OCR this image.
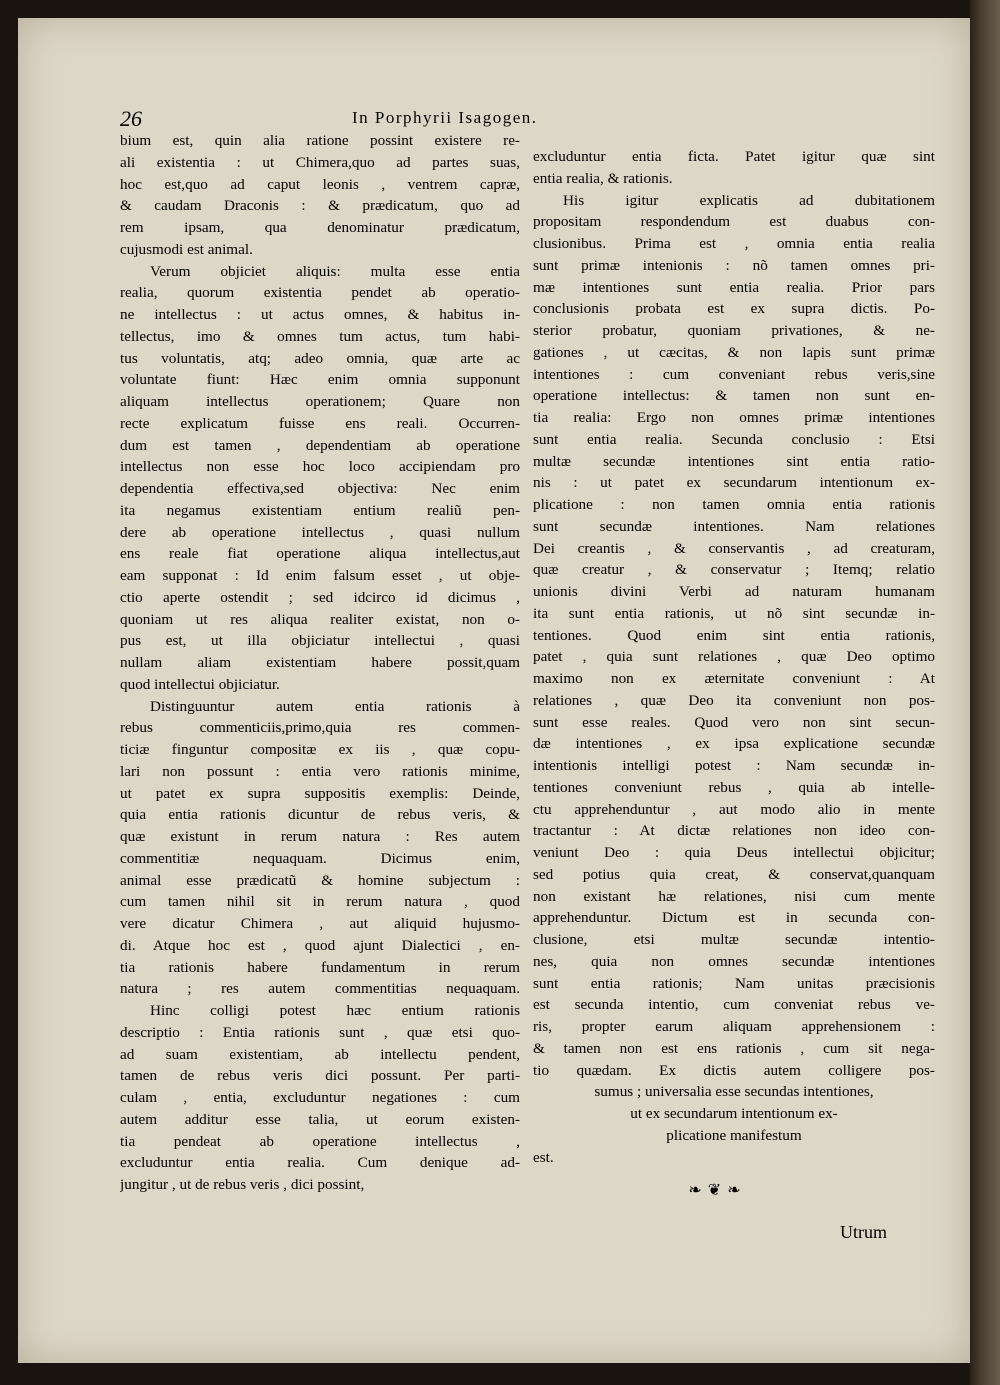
26	In Porphyrii Isagogen.
bium est, quin alia ratione possint existere re-
ali existentia : ut Chimera,quo ad partes suas,
hoc est,quo ad caput leonis , ventrem capræ,
& caudam Draconis : & prædicatum, quo ad
rem ipsam, qua denominatur prædicatum,
cujusmodi est animal.
Verum objiciet aliquis: multa esse entia
realia, quorum existentia pendet ab operatio-
ne intellectus : ut actus omnes, & habitus in-
tellectus, imo & omnes tum actus, tum habi-
tus voluntatis, atq; adeo omnia, quæ arte ac
voluntate fiunt: Hæc enim omnia supponunt
aliquam intellectus operationem; Quare non
recte explicatum fuisse ens reali. Occurren-
dum est tamen , dependentiam ab operatione
intellectus non esse hoc loco accipiendam pro
dependentia effectiva,sed objectiva: Nec enim
ita negamus existentiam entium realiũ pen-
dere ab operatione intellectus , quasi nullum
ens reale fiat operatione aliqua intellectus,aut
eam supponat : Id enim falsum esset , ut obje-
ctio aperte ostendit ; sed idcirco id dicimus ,
quoniam ut res aliqua realiter existat, non o-
pus est, ut illa objiciatur intellectui , quasi
nullam aliam existentiam habere possit,quam
quod intellectui objiciatur.
Distinguuntur autem entia rationis à
rebus commenticiis,primo,quia res commen-
ticiæ finguntur compositæ ex iis , quæ copu-
lari non possunt : entia vero rationis minime,
ut patet ex supra suppositis exemplis: Deinde,
quia entia rationis dicuntur de rebus veris, &
quæ existunt in rerum natura : Res autem
commentitiæ nequaquam. Dicimus enim,
animal esse prædicatũ & homine subjectum :
cum tamen nihil sit in rerum natura , quod
vere dicatur Chimera , aut aliquid hujusmo-
di. Atque hoc est , quod ajunt Dialectici , en-
tia rationis habere fundamentum in rerum
natura ; res autem commentitias nequaquam.
Hinc colligi potest hæc entium rationis
descriptio : Entia rationis sunt , quæ etsi quo-
ad suam existentiam, ab intellectu pendent,
tamen de rebus veris dici possunt. Per parti-
culam , entia, excluduntur negationes : cum
autem additur esse talia, ut eorum existen-
tia pendeat ab operatione intellectus ,
excluduntur entia realia. Cum denique ad-
jungitur , ut de rebus veris , dici possint,
excluduntur entia ficta. Patet igitur quæ sint
entia realia, & rationis.
His igitur explicatis ad dubitationem
propositam respondendum est duabus con-
clusionibus. Prima est , omnia entia realia
sunt primæ intenionis : nõ tamen omnes pri-
mæ intentiones sunt entia realia. Prior pars
conclusionis probata est ex supra dictis. Po-
sterior probatur, quoniam privationes, & ne-
gationes , ut cæcitas, & non lapis sunt primæ
intentiones : cum conveniant rebus veris,sine
operatione intellectus: & tamen non sunt en-
tia realia: Ergo non omnes primæ intentiones
sunt entia realia. Secunda conclusio : Etsi
multæ secundæ intentiones sint entia ratio-
nis : ut patet ex secundarum intentionum ex-
plicatione : non tamen omnia entia rationis
sunt secundæ intentiones. Nam relationes
Dei creantis , & conservantis , ad creaturam,
quæ creatur , & conservatur ; Itemq; relatio
unionis divini Verbi ad naturam humanam
ita sunt entia rationis, ut nõ sint secundæ in-
tentiones. Quod enim sint entia rationis,
patet , quia sunt relationes , quæ Deo optimo
maximo non ex æternitate conveniunt : At
relationes , quæ Deo ita conveniunt non pos-
sunt esse reales. Quod vero non sint secun-
dæ intentiones , ex ipsa explicatione secundæ
intentionis intelligi potest : Nam secundæ in-
tentiones conveniunt rebus , quia ab intelle-
ctu apprehenduntur , aut modo alio in mente
tractantur : At dictæ relationes non ideo con-
veniunt Deo : quia Deus intellectui objicitur;
sed potius quia creat, & conservat,quanquam
non existant hæ relationes, nisi cum mente
apprehenduntur. Dictum est in secunda con-
clusione, etsi multæ secundæ intentio-
nes, quia non omnes secundæ intentiones
sunt entia rationis; Nam unitas præcisionis
est secunda intentio, cum conveniat rebus ve-
ris, propter earum aliquam apprehensionem :
& tamen non est ens rationis , cum sit nega-
tio quædam. Ex dictis autem colligere pos-
sumus ; universalia esse secundas intentiones,
ut ex secundarum intentionum ex-
plicatione manifestum
est.
❧ ❦ ❧
Utrum
